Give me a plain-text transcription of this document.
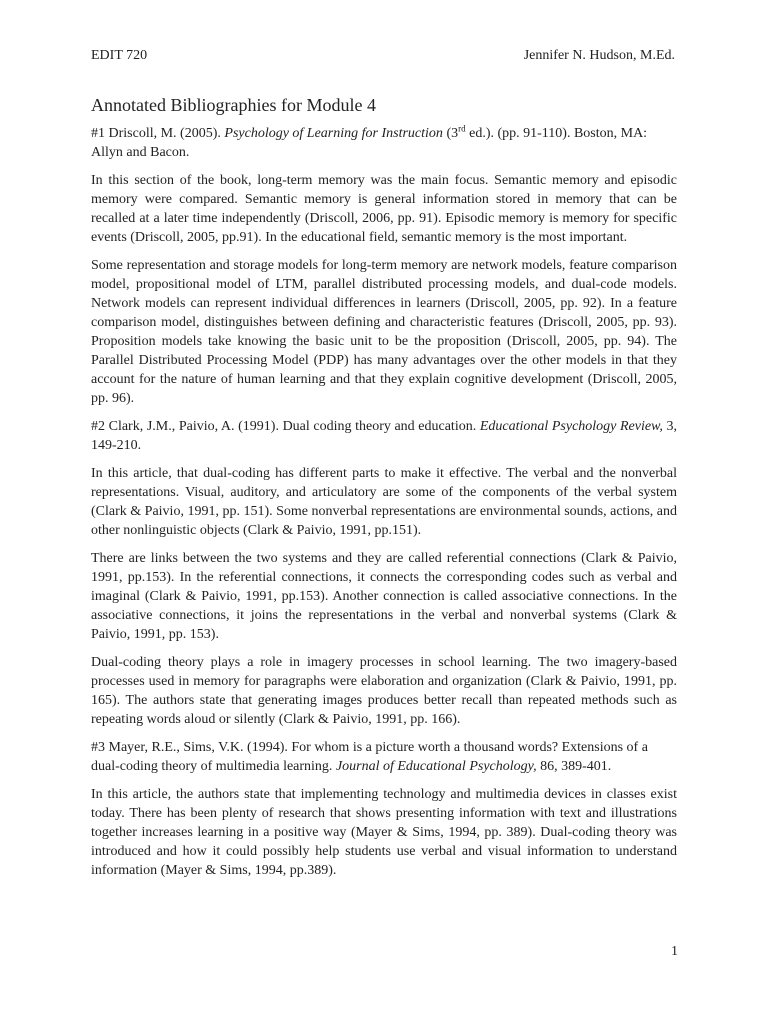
EDIT 720	Jennifer N. Hudson, M.Ed.
Annotated Bibliographies for Module 4

#1 Driscoll, M. (2005). Psychology of Learning for Instruction (3rd ed.). (pp. 91-110). Boston, MA: Allyn and Bacon.

In this section of the book, long-term memory was the main focus. Semantic memory and episodic memory were compared. Semantic memory is general information stored in memory that can be recalled at a later time independently (Driscoll, 2006, pp. 91). Episodic memory is memory for specific events (Driscoll, 2005, pp.91). In the educational field, semantic memory is the most important.

Some representation and storage models for long-term memory are network models, feature comparison model, propositional model of LTM, parallel distributed processing models, and dual-code models. Network models can represent individual differences in learners (Driscoll, 2005, pp. 92). In a feature comparison model, distinguishes between defining and characteristic features (Driscoll, 2005, pp. 93). Proposition models take knowing the basic unit to be the proposition (Driscoll, 2005, pp. 94). The Parallel Distributed Processing Model (PDP) has many advantages over the other models in that they account for the nature of human learning and that they explain cognitive development (Driscoll, 2005, pp. 96).

#2 Clark, J.M., Paivio, A. (1991). Dual coding theory and education. Educational Psychology Review, 3, 149-210.

In this article, that dual-coding has different parts to make it effective. The verbal and the nonverbal representations. Visual, auditory, and articulatory are some of the components of the verbal system (Clark & Paivio, 1991, pp. 151). Some nonverbal representations are environmental sounds, actions, and other nonlinguistic objects (Clark & Paivio, 1991, pp.151).

There are links between the two systems and they are called referential connections (Clark & Paivio, 1991, pp.153). In the referential connections, it connects the corresponding codes such as verbal and imaginal (Clark & Paivio, 1991, pp.153). Another connection is called associative connections. In the associative connections, it joins the representations in the verbal and nonverbal systems (Clark & Paivio, 1991, pp. 153).

Dual-coding theory plays a role in imagery processes in school learning. The two imagery-based processes used in memory for paragraphs were elaboration and organization (Clark & Paivio, 1991, pp. 165). The authors state that generating images produces better recall than repeated methods such as repeating words aloud or silently (Clark & Paivio, 1991, pp. 166).

#3 Mayer, R.E., Sims, V.K. (1994). For whom is a picture worth a thousand words? Extensions of a dual-coding theory of multimedia learning. Journal of Educational Psychology, 86, 389-401.

In this article, the authors state that implementing technology and multimedia devices in classes exist today. There has been plenty of research that shows presenting information with text and illustrations together increases learning in a positive way (Mayer & Sims, 1994, pp. 389). Dual-coding theory was introduced and how it could possibly help students use verbal and visual information to understand information (Mayer & Sims, 1994, pp.389).

1
